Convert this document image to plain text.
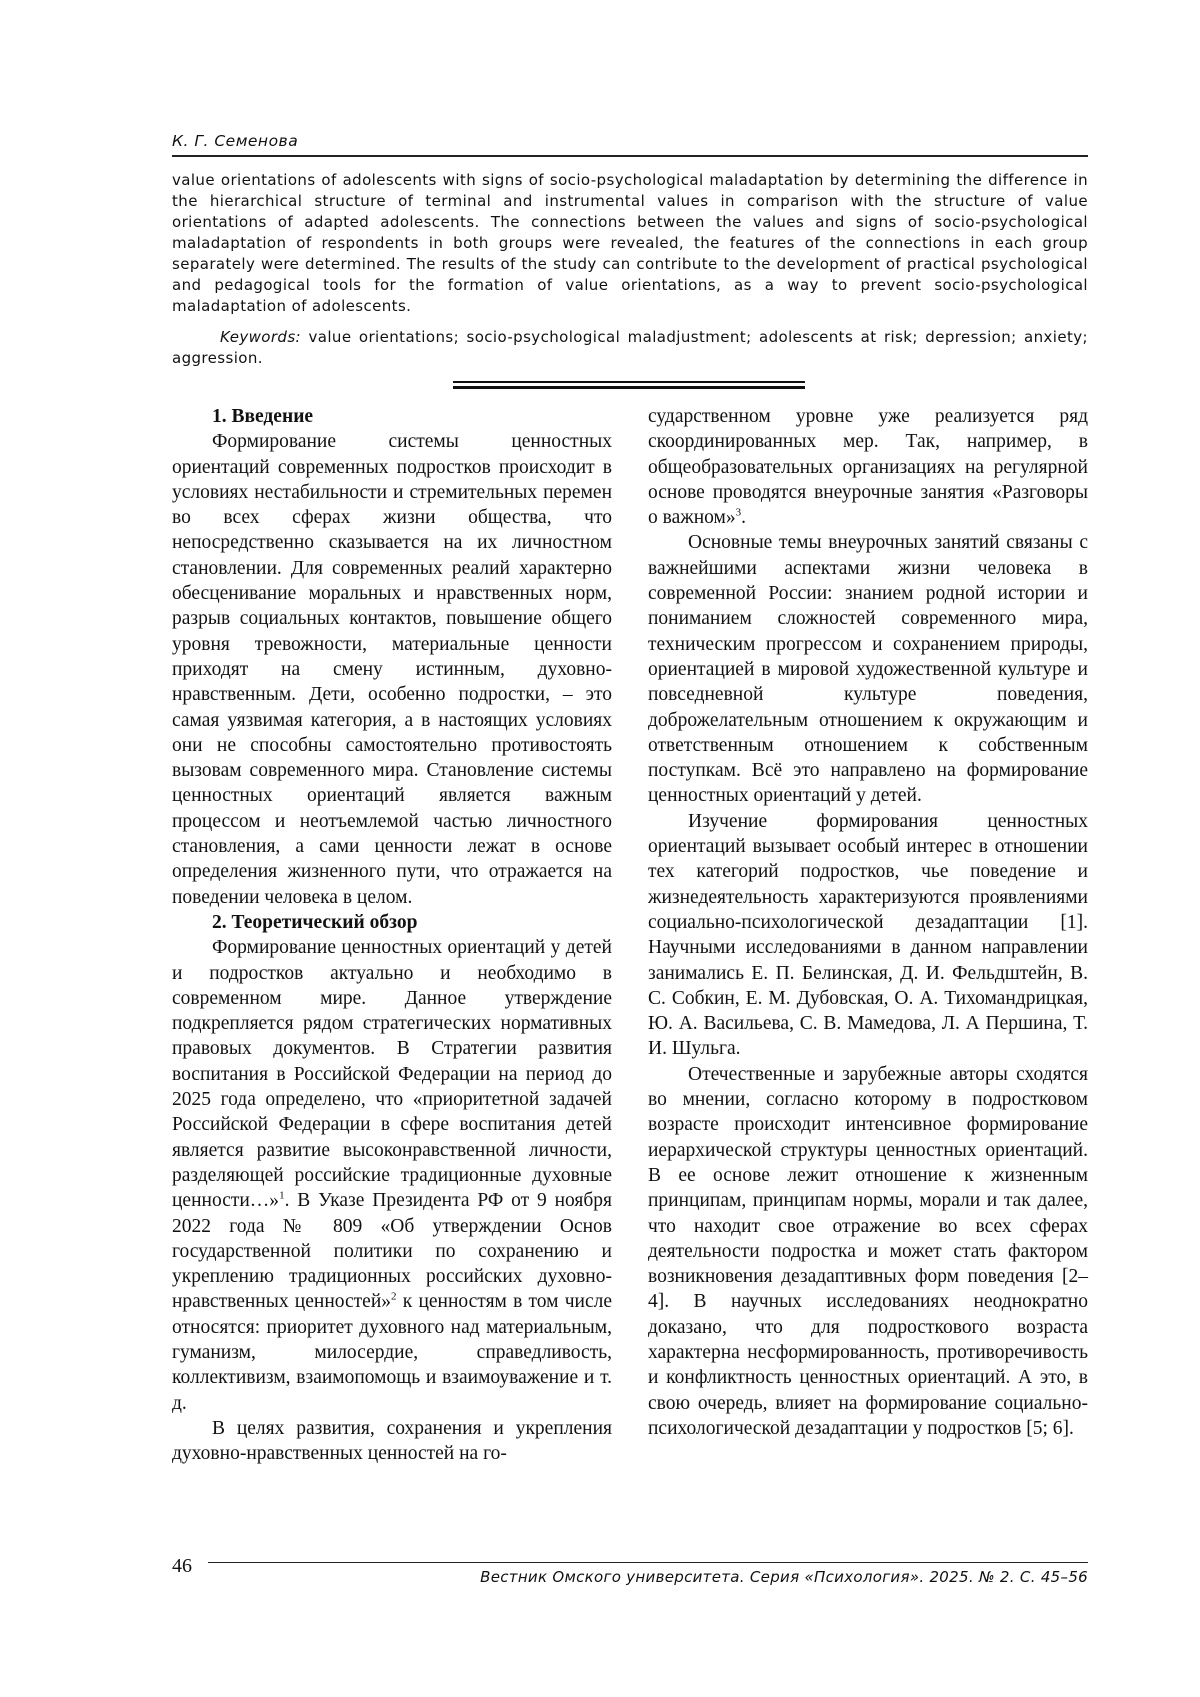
К. Г. Семенова
value orientations of adolescents with signs of socio-psychological maladaptation by determining the difference in the hierarchical structure of terminal and instrumental values in comparison with the structure of value orientations of adapted adolescents. The connections between the values and signs of socio-psychological maladaptation of respondents in both groups were revealed, the features of the connections in each group separately were determined. The results of the study can contribute to the development of practical psychological and pedagogical tools for the formation of value orientations, as a way to prevent socio-psychological maladaptation of adolescents.
Keywords: value orientations; socio-psychological maladjustment; adolescents at risk; depression; anxiety; aggression.
1. Введение

Формирование системы ценностных ориентаций современных подростков происходит в условиях нестабильности и стремительных перемен во всех сферах жизни общества, что непосредственно сказывается на их личностном становлении. Для современных реалий характерно обесценивание моральных и нравственных норм, разрыв социальных контактов, повышение общего уровня тревожности, материальные ценности приходят на смену истинным, духовно-нравственным. Дети, особенно подростки, – это самая уязвимая категория, а в настоящих условиях они не способны самостоятельно противостоять вызовам современного мира. Становление системы ценностных ориентаций является важным процессом и неотъемлемой частью личностного становления, а сами ценности лежат в основе определения жизненного пути, что отражается на поведении человека в целом.

2. Теоретический обзор

Формирование ценностных ориентаций у детей и подростков актуально и необходимо в современном мире. Данное утверждение подкрепляется рядом стратегических нормативных правовых документов. В Стратегии развития воспитания в Российской Федерации на период до 2025 года определено, что «приоритетной задачей Российской Федерации в сфере воспитания детей является развитие высоконравственной личности, разделяющей российские традиционные духовные ценности…»$^1$. В Указе Президента РФ от 9 ноября 2022 года № 809 «Об утверждении Основ государственной политики по сохранению и укреплению традиционных российских духовно-нравственных ценностей»$^2$ к ценностям в том числе относятся: приоритет духовного над материальным, гуманизм, милосердие, справедливость, коллективизм, взаимопомощь и взаимоуважение и т. д.

В целях развития, сохранения и укрепления духовно-нравственных ценностей на го-

сударственном уровне уже реализуется ряд скоординированных мер. Так, например, в общеобразовательных организациях на регулярной основе проводятся внеурочные занятия «Разговоры о важном»$^3$.

Основные темы внеурочных занятий связаны с важнейшими аспектами жизни человека в современной России: знанием родной истории и пониманием сложностей современного мира, техническим прогрессом и сохранением природы, ориентацией в мировой художественной культуре и повседневной культуре поведения, доброжелательным отношением к окружающим и ответственным отношением к собственным поступкам. Всё это направлено на формирование ценностных ориентаций у детей.

Изучение формирования ценностных ориентаций вызывает особый интерес в отношении тех категорий подростков, чье поведение и жизнедеятельность характеризуются проявлениями социально-психологической дезадаптации [1]. Научными исследованиями в данном направлении занимались Е. П. Белинская, Д. И. Фельдштейн, В. С. Собкин, Е. М. Дубовская, О. А. Тихомандрицкая, Ю. А. Васильева, С. В. Мамедова, Л. А Першина, Т. И. Шульга.

Отечественные и зарубежные авторы сходятся во мнении, согласно которому в подростковом возрасте происходит интенсивное формирование иерархической структуры ценностных ориентаций. В ее основе лежит отношение к жизненным принципам, принципам нормы, морали и так далее, что находит свое отражение во всех сферах деятельности подростка и может стать фактором возникновения дезадаптивных форм поведения [2–4]. В научных исследованиях неоднократно доказано, что для подросткового возраста характерна несформированность, противоречивость и конфликтность ценностных ориентаций. А это, в свою очередь, влияет на формирование социально-психологической дезадаптации у подростков [5; 6].

46	Вестник Омского университета. Серия «Психология». 2025. № 2. С. 45–56
